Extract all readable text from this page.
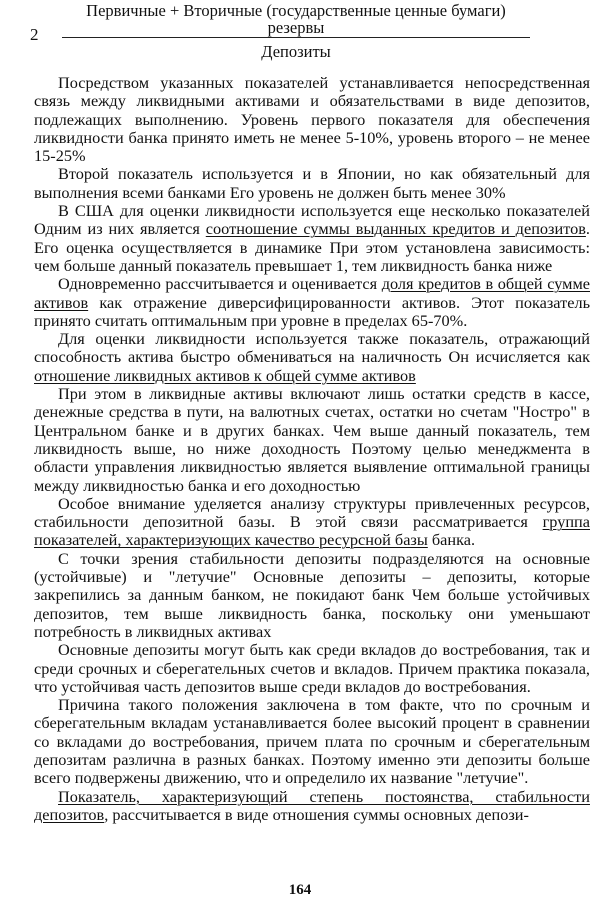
2
Первичные + Вторичные (государственные ценные бумаги) резервы
Депозиты

Посредством указанных показателей устанавливается непосредственная связь между ликвидными активами и обязательствами в виде депозитов, подлежащих выполнению. Уровень первого показателя для обеспечения ликвидности банка принято иметь не менее 5-10%, уровень второго – не менее 15-25%

Второй показатель используется и в Японии, но как обязательный для выполнения всеми банками Его уровень не должен быть менее 30%

В США для оценки ликвидности используется еще несколько показателей Одним из них является соотношение суммы выданных кредитов и депозитов. Его оценка осуществляется в динамике При этом установлена зависимость: чем больше данный показатель превышает 1, тем ликвидность банка ниже

Одновременно рассчитывается и оценивается доля кредитов в общей сумме активов как отражение диверсифицированности активов. Этот показатель принято считать оптимальным при уровне в пределах 65-70%.

Для оценки ликвидности используется также показатель, отражающий способность актива быстро обмениваться на наличность Он исчисляется как отношение ликвидных активов к общей сумме активов

При этом в ликвидные активы включают лишь остатки средств в кассе, денежные средства в пути, на валютных счетах, остатки но счетам "Ностро" в Центральном банке и в других банках. Чем выше данный показатель, тем ликвидность выше, но ниже доходность Поэтому целью менеджмента в области управления ликвидностью является выявление оптимальной границы между ликвидностью банка и его доходностью

Особое внимание уделяется анализу структуры привлеченных ресурсов, стабильности депозитной базы. В этой связи рассматривается группа показателей, характеризующих качество ресурсной базы банка.

С точки зрения стабильности депозиты подразделяются на основные (устойчивые) и "летучие" Основные депозиты – депозиты, которые закрепились за данным банком, не покидают банк Чем больше устойчивых депозитов, тем выше ликвидность банка, поскольку они уменьшают потребность в ликвидных активах

Основные депозиты могут быть как среди вкладов до востребования, так и среди срочных и сберегательных счетов и вкладов. Причем практика показала, что устойчивая часть депозитов выше среди вкладов до востребования.

Причина такого положения заключена в том факте, что по срочным и сберегательным вкладам устанавливается более высокий процент в сравнении со вкладами до востребования, причем плата по срочным и сберегательным депозитам различна в разных банках. Поэтому именно эти депозиты больше всего подвержены движению, что и определило их название "летучие".

Показатель, характеризующий степень постоянства, стабильности депозитов, рассчитывается в виде отношения суммы основных депози-

164
